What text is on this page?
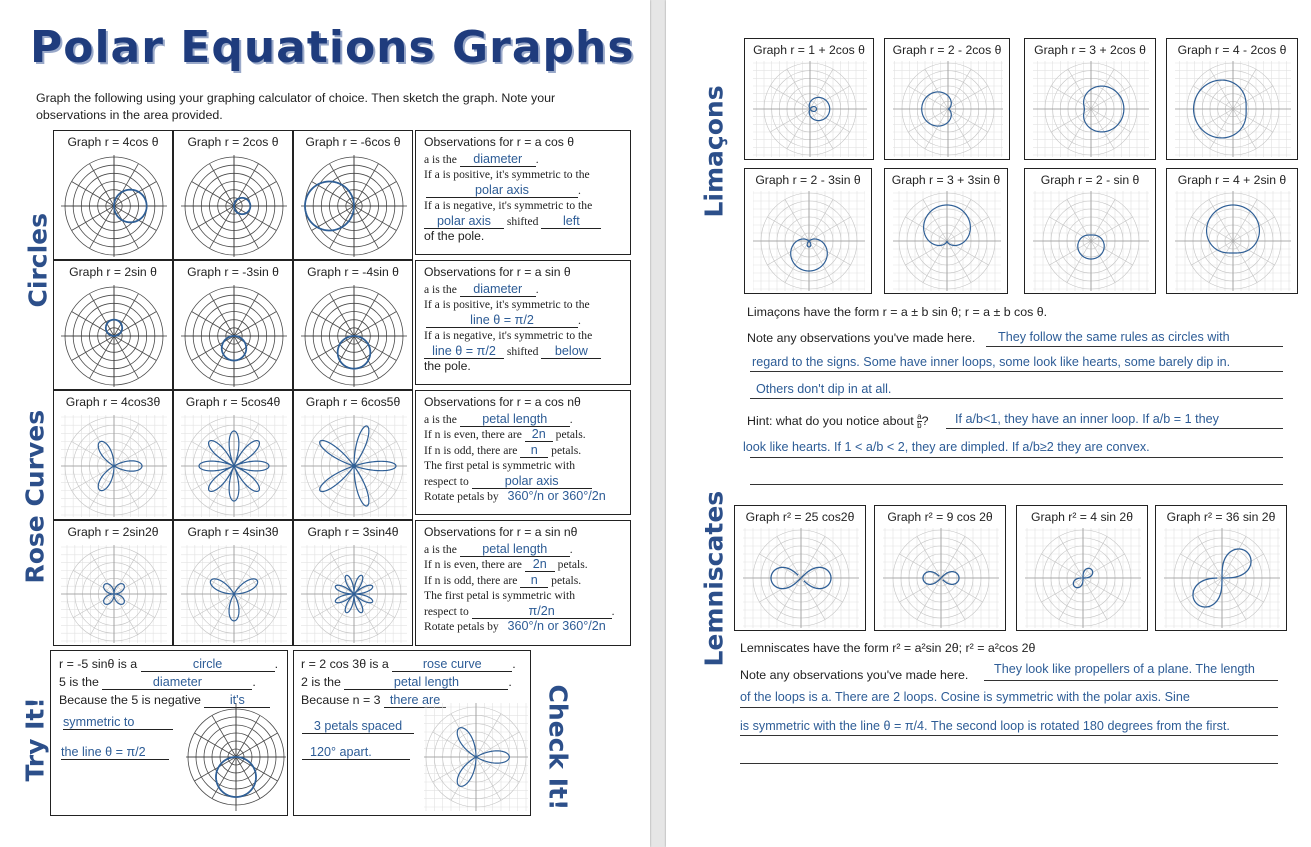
Polar Equations Graphs
Graph the following using your graphing calculator of choice. Then sketch the graph. Note your observations in the area provided.
Circles
Rose Curves
Try It!	Check It!
Graph r = 4cos θ	Graph r = 2cos θ	Graph r = -6cos θ	Observations for r = a cos θ
a is the diameter .
If a is positive, it's symmetric to the
polar axis	.
If a is negative, it's symmetric to the
polar axis shifted left
of the pole.
Graph r = 2sin θ	Graph r = -3sin θ	Graph r = -4sin θ	Observations for r = a sin θ
a is the diameter .
If a is positive, it's symmetric to the
line θ = π/2	.
If a is negative, it's symmetric to the
line θ = π/2 shifted below
the pole.
Graph r = 4cos3θ	Graph r = 5cos4θ	Graph r = 6cos5θ	Observations for r = a cos nθ
a is the petal length .
If n is even, there are 2n petals.
If n is odd, there are n petals.
The first petal is symmetric with
respect to	polar axis
Rotate petals by 360°/n or 360°/2n
Graph r = 2sin2θ	Graph r = 4sin3θ	Graph r = 3sin4θ	Observations for r = a sin nθ
a is the petal length .
If n is even, there are 2n petals.
If n is odd, there are n petals.
The first petal is symmetric with
respect to	π/2n	.
Rotate petals by 360°/n or 360°/2n
r = -5 sinθ is a	circle	.
5 is the	diameter	.
Because the 5 is negative it's
symmetric to
the line θ = π/2
r = 2 cos 3θ is a	rose curve .
2 is the	petal length	.
Because n = 3 there are
3 petals spaced
120° apart.
Limaçons
Lemniscates
Graph r = 1 + 2cos θ	Graph r = 2 - 2cos θ	Graph r = 3 + 2cos θ	Graph r = 4 - 2cos θ
Graph r = 2 - 3sin θ	Graph r = 3 + 3sin θ	Graph r = 2 - sin θ	Graph r = 4 + 2sin θ
Limaçons have the form r = a ± b sin θ; r = a ± b cos θ.
Note any observations you've made here. They follow the same rules as circles with
regard to the signs. Some have inner loops, some look like hearts, some barely dip in.
Others don't dip in at all.
Hint: what do you notice about $\frac{a}{b}$ ? If a/b<1, they have an inner loop. If a/b = 1 they
look like hearts. If 1 < a/b < 2, they are dimpled. If a/b≥2 they are convex.
Graph r² = 25 cos2θ	Graph r² = 9 cos 2θ	Graph r² = 4 sin 2θ	Graph r² = 36 sin 2θ
Lemniscates have the form r² = a²sin 2θ; r² = a²cos 2θ
Note any observations you've made here. They look like propellers of a plane. The length
of the loops is a. There are 2 loops. Cosine is symmetric with the polar axis. Sine
is symmetric with the line θ = π/4. The second loop is rotated 180 degrees from the first.
